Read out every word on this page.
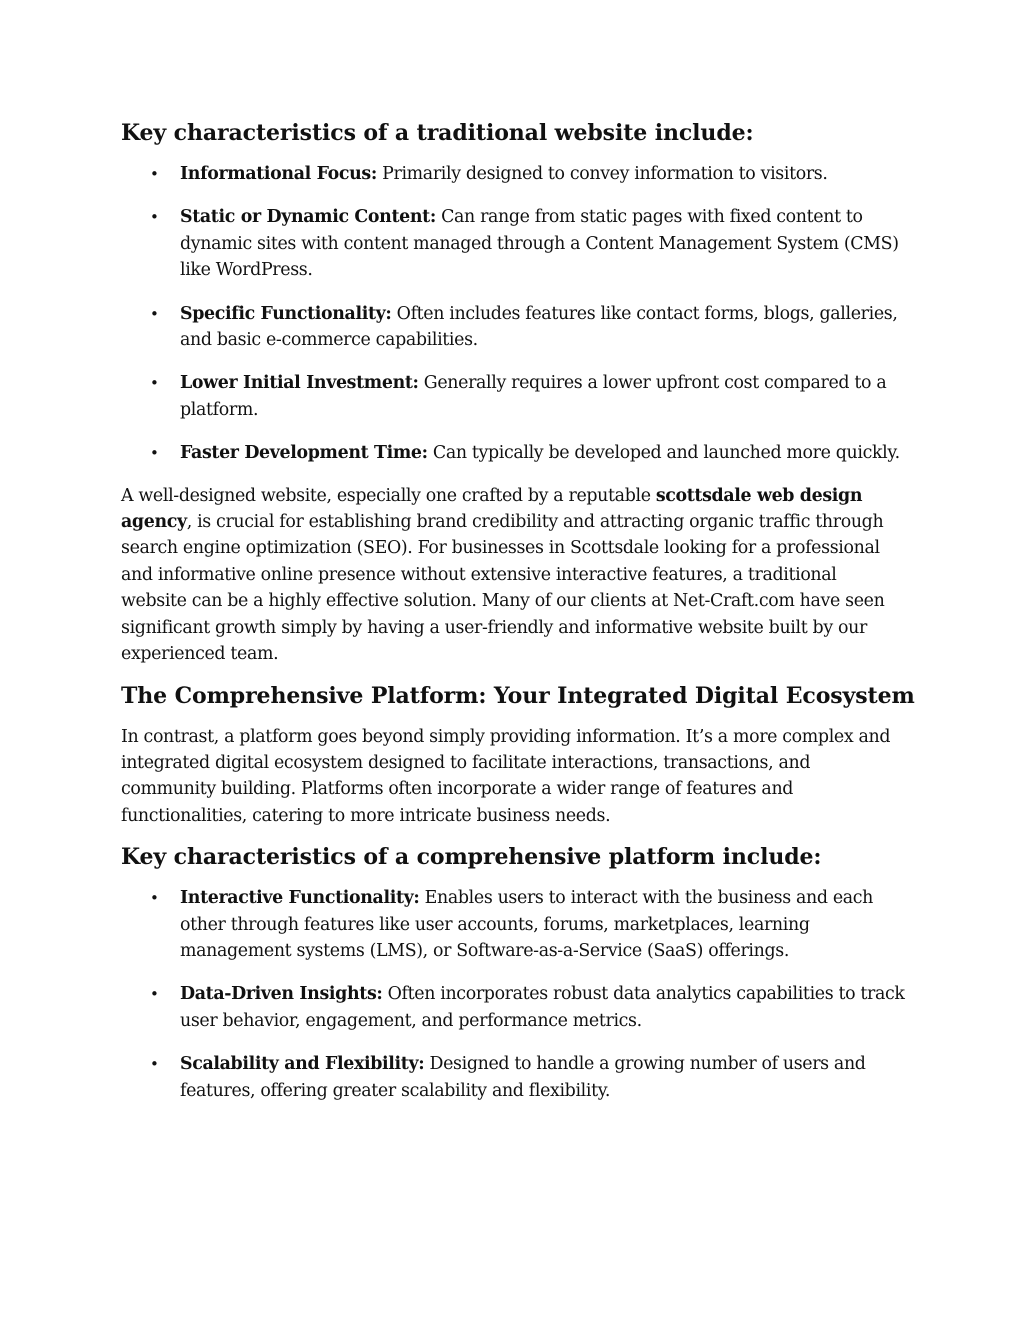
Key characteristics of a traditional website include:
• Informational Focus: Primarily designed to convey information to visitors.
• Static or Dynamic Content: Can range from static pages with fixed content to dynamic sites with content managed through a Content Management System (CMS) like WordPress.
• Specific Functionality: Often includes features like contact forms, blogs, galleries, and basic e-commerce capabilities.
• Lower Initial Investment: Generally requires a lower upfront cost compared to a platform.
• Faster Development Time: Can typically be developed and launched more quickly.

A well-designed website, especially one crafted by a reputable scottsdale web design agency, is crucial for establishing brand credibility and attracting organic traffic through search engine optimization (SEO). For businesses in Scottsdale looking for a professional and informative online presence without extensive interactive features, a traditional website can be a highly effective solution. Many of our clients at Net-Craft.com have seen significant growth simply by having a user-friendly and informative website built by our experienced team.

The Comprehensive Platform: Your Integrated Digital Ecosystem

In contrast, a platform goes beyond simply providing information. It’s a more complex and integrated digital ecosystem designed to facilitate interactions, transactions, and community building. Platforms often incorporate a wider range of features and functionalities, catering to more intricate business needs.

Key characteristics of a comprehensive platform include:
• Interactive Functionality: Enables users to interact with the business and each other through features like user accounts, forums, marketplaces, learning management systems (LMS), or Software-as-a-Service (SaaS) offerings.
• Data-Driven Insights: Often incorporates robust data analytics capabilities to track user behavior, engagement, and performance metrics.
• Scalability and Flexibility: Designed to handle a growing number of users and features, offering greater scalability and flexibility.
